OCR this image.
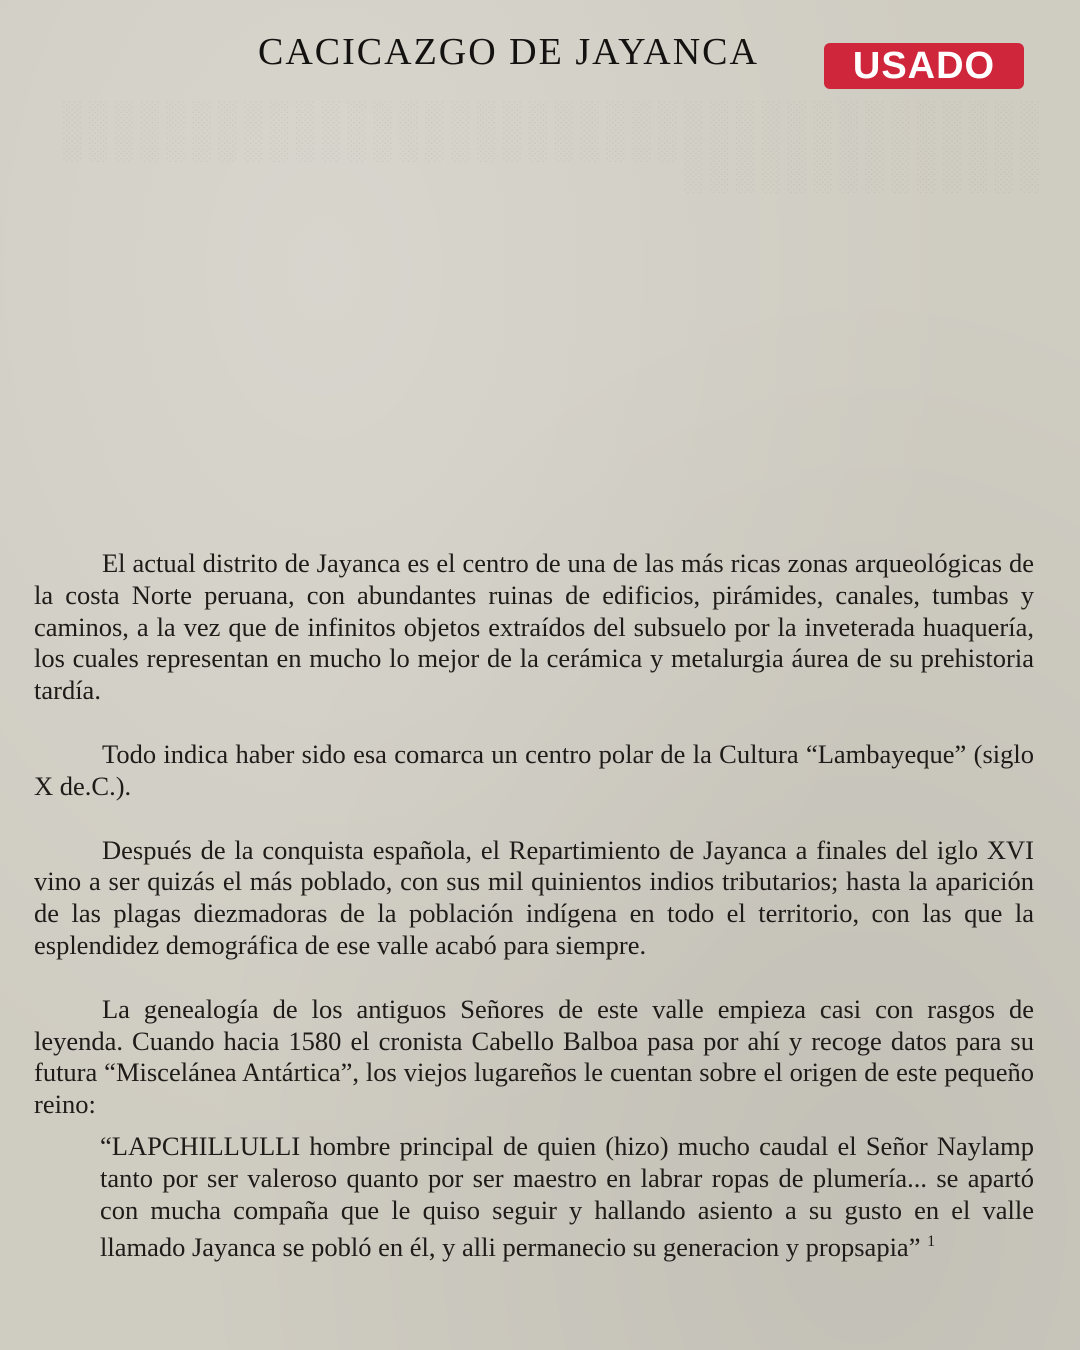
░ ░ ░ ░ ░ ░ ░ ░ ░ ░ ░ ░ ░ ░ ░ ░ ░ ░ ░ ░ ░ ░ ░ ░ ░ ░ ░ ░ ░ ░ ░ ░ ░ ░ ░ ░ ░ ░ ░ ░ ░ ░ ░ ░ ░ ░ ░ ░ ░ ░ ░ ░ ░ ░ ░ ░ ░ ░ ░ ░ ░ ░ ░ ░ ░ ░ ░ ░ ░ ░ ░ ░ ░ ░ ░ ░ ░ ░ ░ ░ ░ ░ ░ ░ ░ ░ ░ ░ ░ ░
CACICAZGO DE JAYANCA	USADO

El actual distrito de Jayanca es el centro de una de las más ricas zonas arqueológicas de la costa Norte peruana, con abundantes ruinas de edificios, pirámides, canales, tumbas y caminos, a la vez que de infinitos objetos extraídos del subsuelo por la inveterada huaquería, los cuales representan en mucho lo mejor de la cerámica y metalurgia áurea de su prehistoria tardía.

Todo indica haber sido esa comarca un centro polar de la Cultura “Lambayeque” (siglo X de.C.).

Después de la conquista española, el Repartimiento de Jayanca a finales del iglo XVI vino a ser quizás el más poblado, con sus mil quinientos indios tributarios; hasta la aparición de las plagas diezmadoras de la población indígena en todo el territorio, con las que la esplendidez demográfica de ese valle acabó para siempre.

La genealogía de los antiguos Señores de este valle empieza casi con rasgos de leyenda. Cuando hacia 1580 el cronista Cabello Balboa pasa por ahí y recoge datos para su futura “Miscelánea Antártica”, los viejos lugareños le cuentan sobre el origen de este pequeño reino:

“LAPCHILLULLI hombre principal de quien (hizo) mucho caudal el Señor Naylamp tanto por ser valeroso quanto por ser maestro en labrar ropas de plumería... se apartó con mucha compaña que le quiso seguir y hallando asiento a su gusto en el valle llamado Jayanca se pobló en él, y alli permanecio su generacion y propsapia” $^1$
